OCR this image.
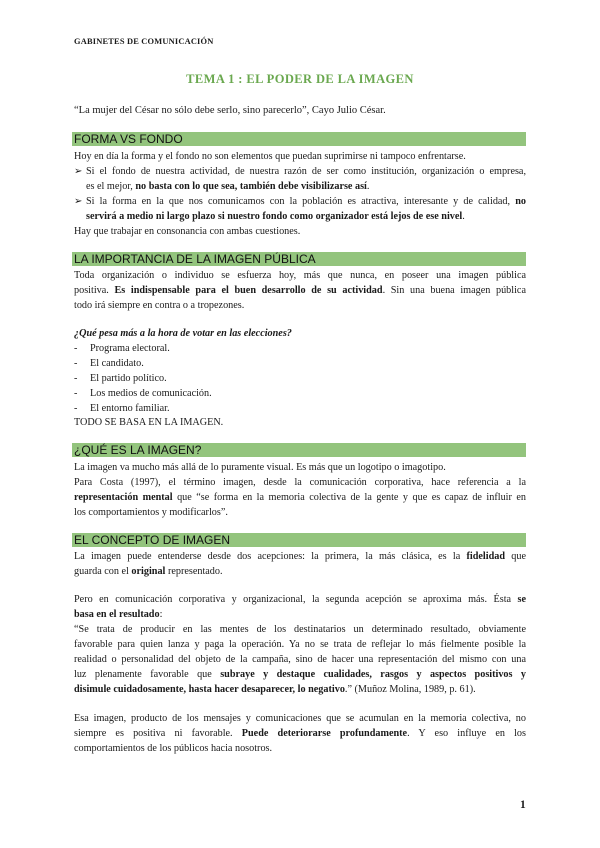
GABINETES DE COMUNICACIÓN
TEMA 1 : EL PODER DE LA IMAGEN
“La mujer del César no sólo debe serlo, sino parecerlo”, Cayo Julio César.
FORMA VS FONDO
Hoy en día la forma y el fondo no son elementos que puedan suprimirse ni tampoco enfrentarse.
➢ Si el fondo de nuestra actividad, de nuestra razón de ser como institución, organización o empresa,
es el mejor, no basta con lo que sea, también debe visibilizarse así.
➢ Si la forma en la que nos comunicamos con la población es atractiva, interesante y de calidad, no
servirá a medio ni largo plazo si nuestro fondo como organizador está lejos de ese nivel.
Hay que trabajar en consonancia con ambas cuestiones.
LA IMPORTANCIA DE LA IMAGEN PÚBLICA
Toda organización o individuo se esfuerza hoy, más que nunca, en poseer una imagen pública
positiva. Es indispensable para el buen desarrollo de su actividad. Sin una buena imagen pública
todo irá siempre en contra o a tropezones.
¿Qué pesa más a la hora de votar en las elecciones?
- Programa electoral.
- El candidato.
- El partido político.
- Los medios de comunicación.
- El entorno familiar.
TODO SE BASA EN LA IMAGEN.
¿QUÉ ES LA IMAGEN?
La imagen va mucho más allá de lo puramente visual. Es más que un logotipo o imagotipo.
Para Costa (1997), el término imagen, desde la comunicación corporativa, hace referencia a la
representación mental que “se forma en la memoria colectiva de la gente y que es capaz de influir en
los comportamientos y modificarlos”.
EL CONCEPTO DE IMAGEN
La imagen puede entenderse desde dos acepciones: la primera, la más clásica, es la fidelidad que
guarda con el original representado.
Pero en comunicación corporativa y organizacional, la segunda acepción se aproxima más. Ésta se
basa en el resultado:
“Se trata de producir en las mentes de los destinatarios un determinado resultado, obviamente
favorable para quien lanza y paga la operación. Ya no se trata de reflejar lo más fielmente posible la
realidad o personalidad del objeto de la campaña, sino de hacer una representación del mismo con una
luz plenamente favorable que subraye y destaque cualidades, rasgos y aspectos positivos y
disimule cuidadosamente, hasta hacer desaparecer, lo negativo.” (Muñoz Molina, 1989, p. 61).
Esa imagen, producto de los mensajes y comunicaciones que se acumulan en la memoria colectiva, no
siempre es positiva ni favorable. Puede deteriorarse profundamente. Y eso influye en los
comportamientos de los públicos hacia nosotros.
1
